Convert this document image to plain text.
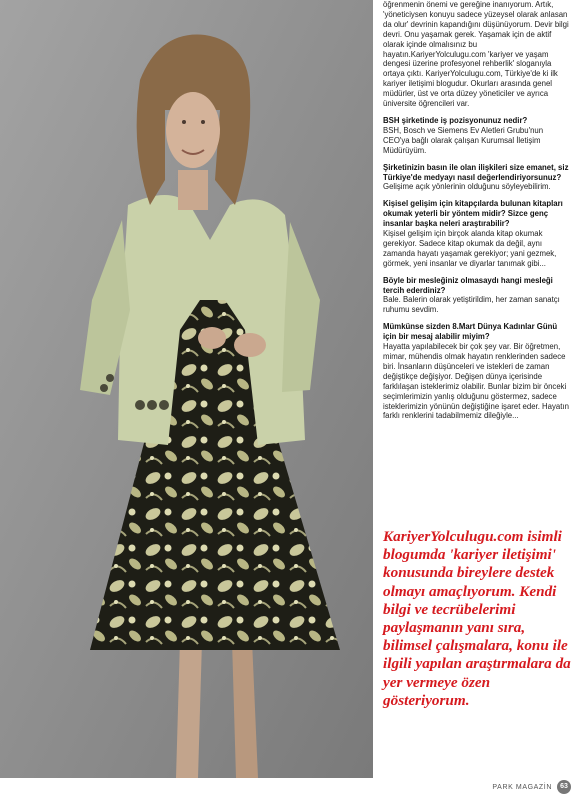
öğrenmenin önemi ve gereğine inanıyorum. Artık, 'yöneticiysen konuyu sadece yüzeysel olarak anlasan da olur' devrinin kapandığını düşünüyorum. Devir bilgi devri. Onu yaşamak gerek. Yaşamak için de aktif olarak içinde olmalısınız bu hayatın.KariyerYolculugu.com 'kariyer ve yaşam dengesi üzerine profesyonel rehberlik' sloganıyla ortaya çıktı. KariyerYolculugu.com, Türkiye'de ki ilk kariyer iletişimi blogudur. Okurları arasında genel müdürler, üst ve orta düzey yöneticiler ve ayrıca üniversite öğrencileri var.

BSH şirketinde iş pozisyonunuz nedir?

BSH, Bosch ve Siemens Ev Aletleri Grubu'nun CEO'ya bağlı olarak çalışan Kurumsal İletişim Müdürüyüm.

Şirketinizin basın ile olan ilişkileri size emanet, siz Türkiye'de medyayı nasıl değerlendiriyorsunuz?

Gelişime açık yönlerinin olduğunu söyleyebilirim.

Kişisel gelişim için kitapçılarda bulunan kitapları okumak yeterli bir yöntem midir? Sizce genç insanlar başka neleri araştırabilir?

Kişisel gelişim için birçok alanda kitap okumak gerekiyor. Sadece kitap okumak da değil, aynı zamanda hayatı yaşamak gerekiyor; yani gezmek, görmek, yeni insanlar ve diyarlar tanımak gibi...

Böyle bir mesleğiniz olmasaydı hangi mesleği tercih ederdiniz?

Bale. Balerin olarak yetiştirildim, her zaman sanatçı ruhumu sevdim.

Mümkünse sizden 8.Mart Dünya Kadınlar Günü için bir mesaj alabilir miyim?

Hayatta yapılabilecek bir çok şey var. Bir öğretmen, mimar, mühendis olmak hayatın renklerinden sadece biri. İnsanların düşünceleri ve istekleri de zaman değiştikçe değişiyor. Değişen dünya içerisinde farklılaşan isteklerimiz olabilir. Bunlar bizim bir önceki seçimlerimizin yanlış olduğunu göstermez, sadece isteklerimizin yönünün değiştiğine işaret eder. Hayatın farklı renklerini tadabilmemiz dileğiyle...

KariyerYolculugu.com isimli blogumda 'kariyer iletişimi' konusunda bireylere destek olmayı amaçlıyorum. Kendi bilgi ve tecrübelerimi paylaşmanın yanı sıra, bilimsel çalışmalara, konu ile ilgili yapılan araştırmalara da yer vermeye özen gösteriyorum.

PARK MAGAZİN	63
